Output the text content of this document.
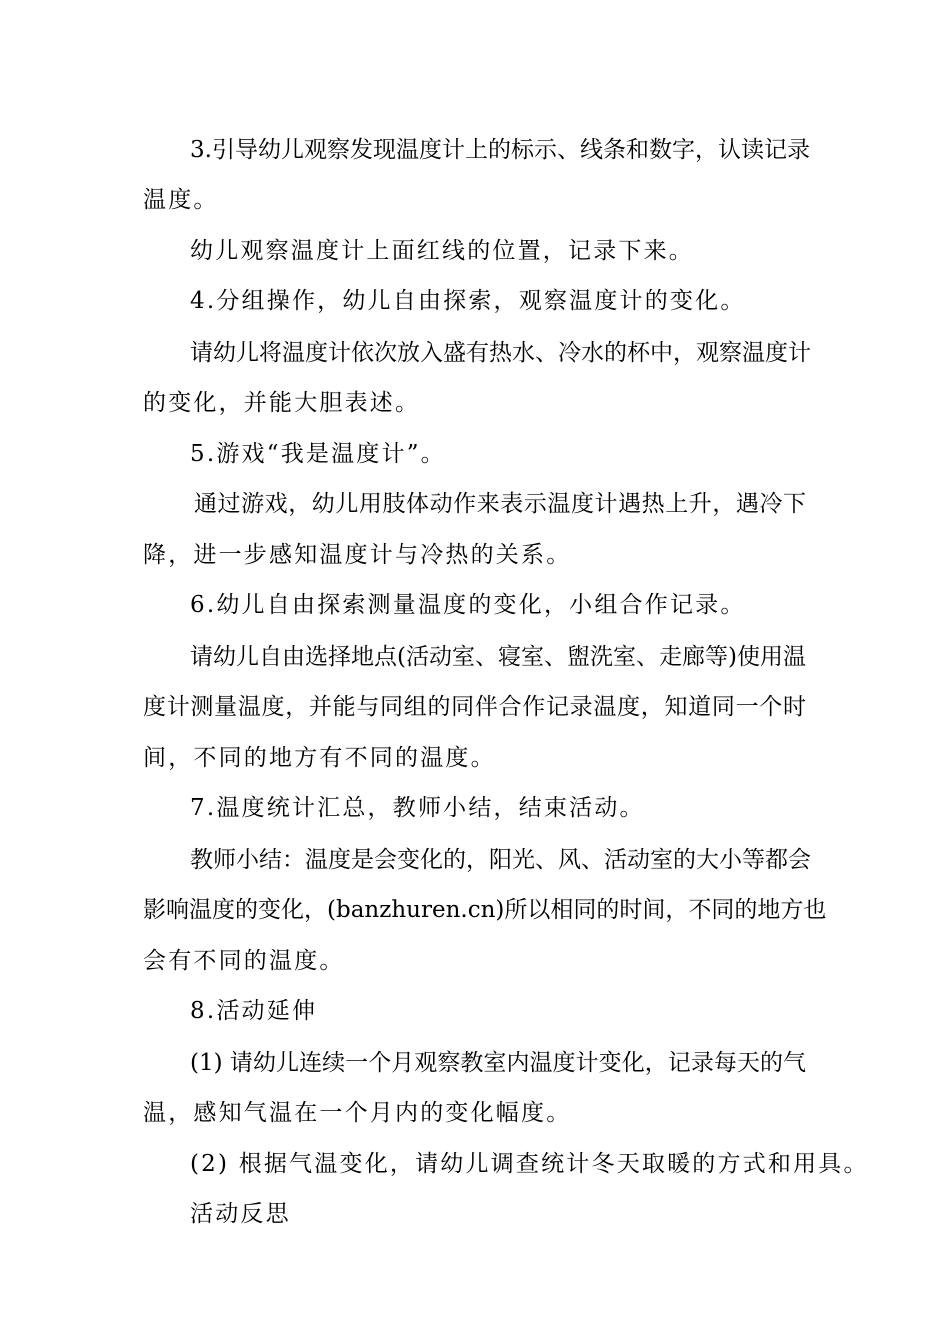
3.引导幼儿观察发现温度计上的标示、线条和数字，认读记录
温度。
幼儿观察温度计上面红线的位置，记录下来。
4.分组操作，幼儿自由探索，观察温度计的变化。
请幼儿将温度计依次放入盛有热水、冷水的杯中，观察温度计
的变化，并能大胆表述。
5.游戏“我是温度计”。
通过游戏，幼儿用肢体动作来表示温度计遇热上升，遇冷下
降，进一步感知温度计与冷热的关系。
6.幼儿自由探索测量温度的变化，小组合作记录。
请幼儿自由选择地点(活动室、寝室、盥洗室、走廊等)使用温
度计测量温度，并能与同组的同伴合作记录温度，知道同一个时
间，不同的地方有不同的温度。
7.温度统计汇总，教师小结，结束活动。
教师小结：温度是会变化的，阳光、风、活动室的大小等都会
影响温度的变化，(banzhuren.cn)所以相同的时间，不同的地方也
会有不同的温度。
8.活动延伸
(1) 请幼儿连续一个月观察教室内温度计变化，记录每天的气
温，感知气温在一个月内的变化幅度。
(2) 根据气温变化，请幼儿调查统计冬天取暖的方式和用具。
活动反思
